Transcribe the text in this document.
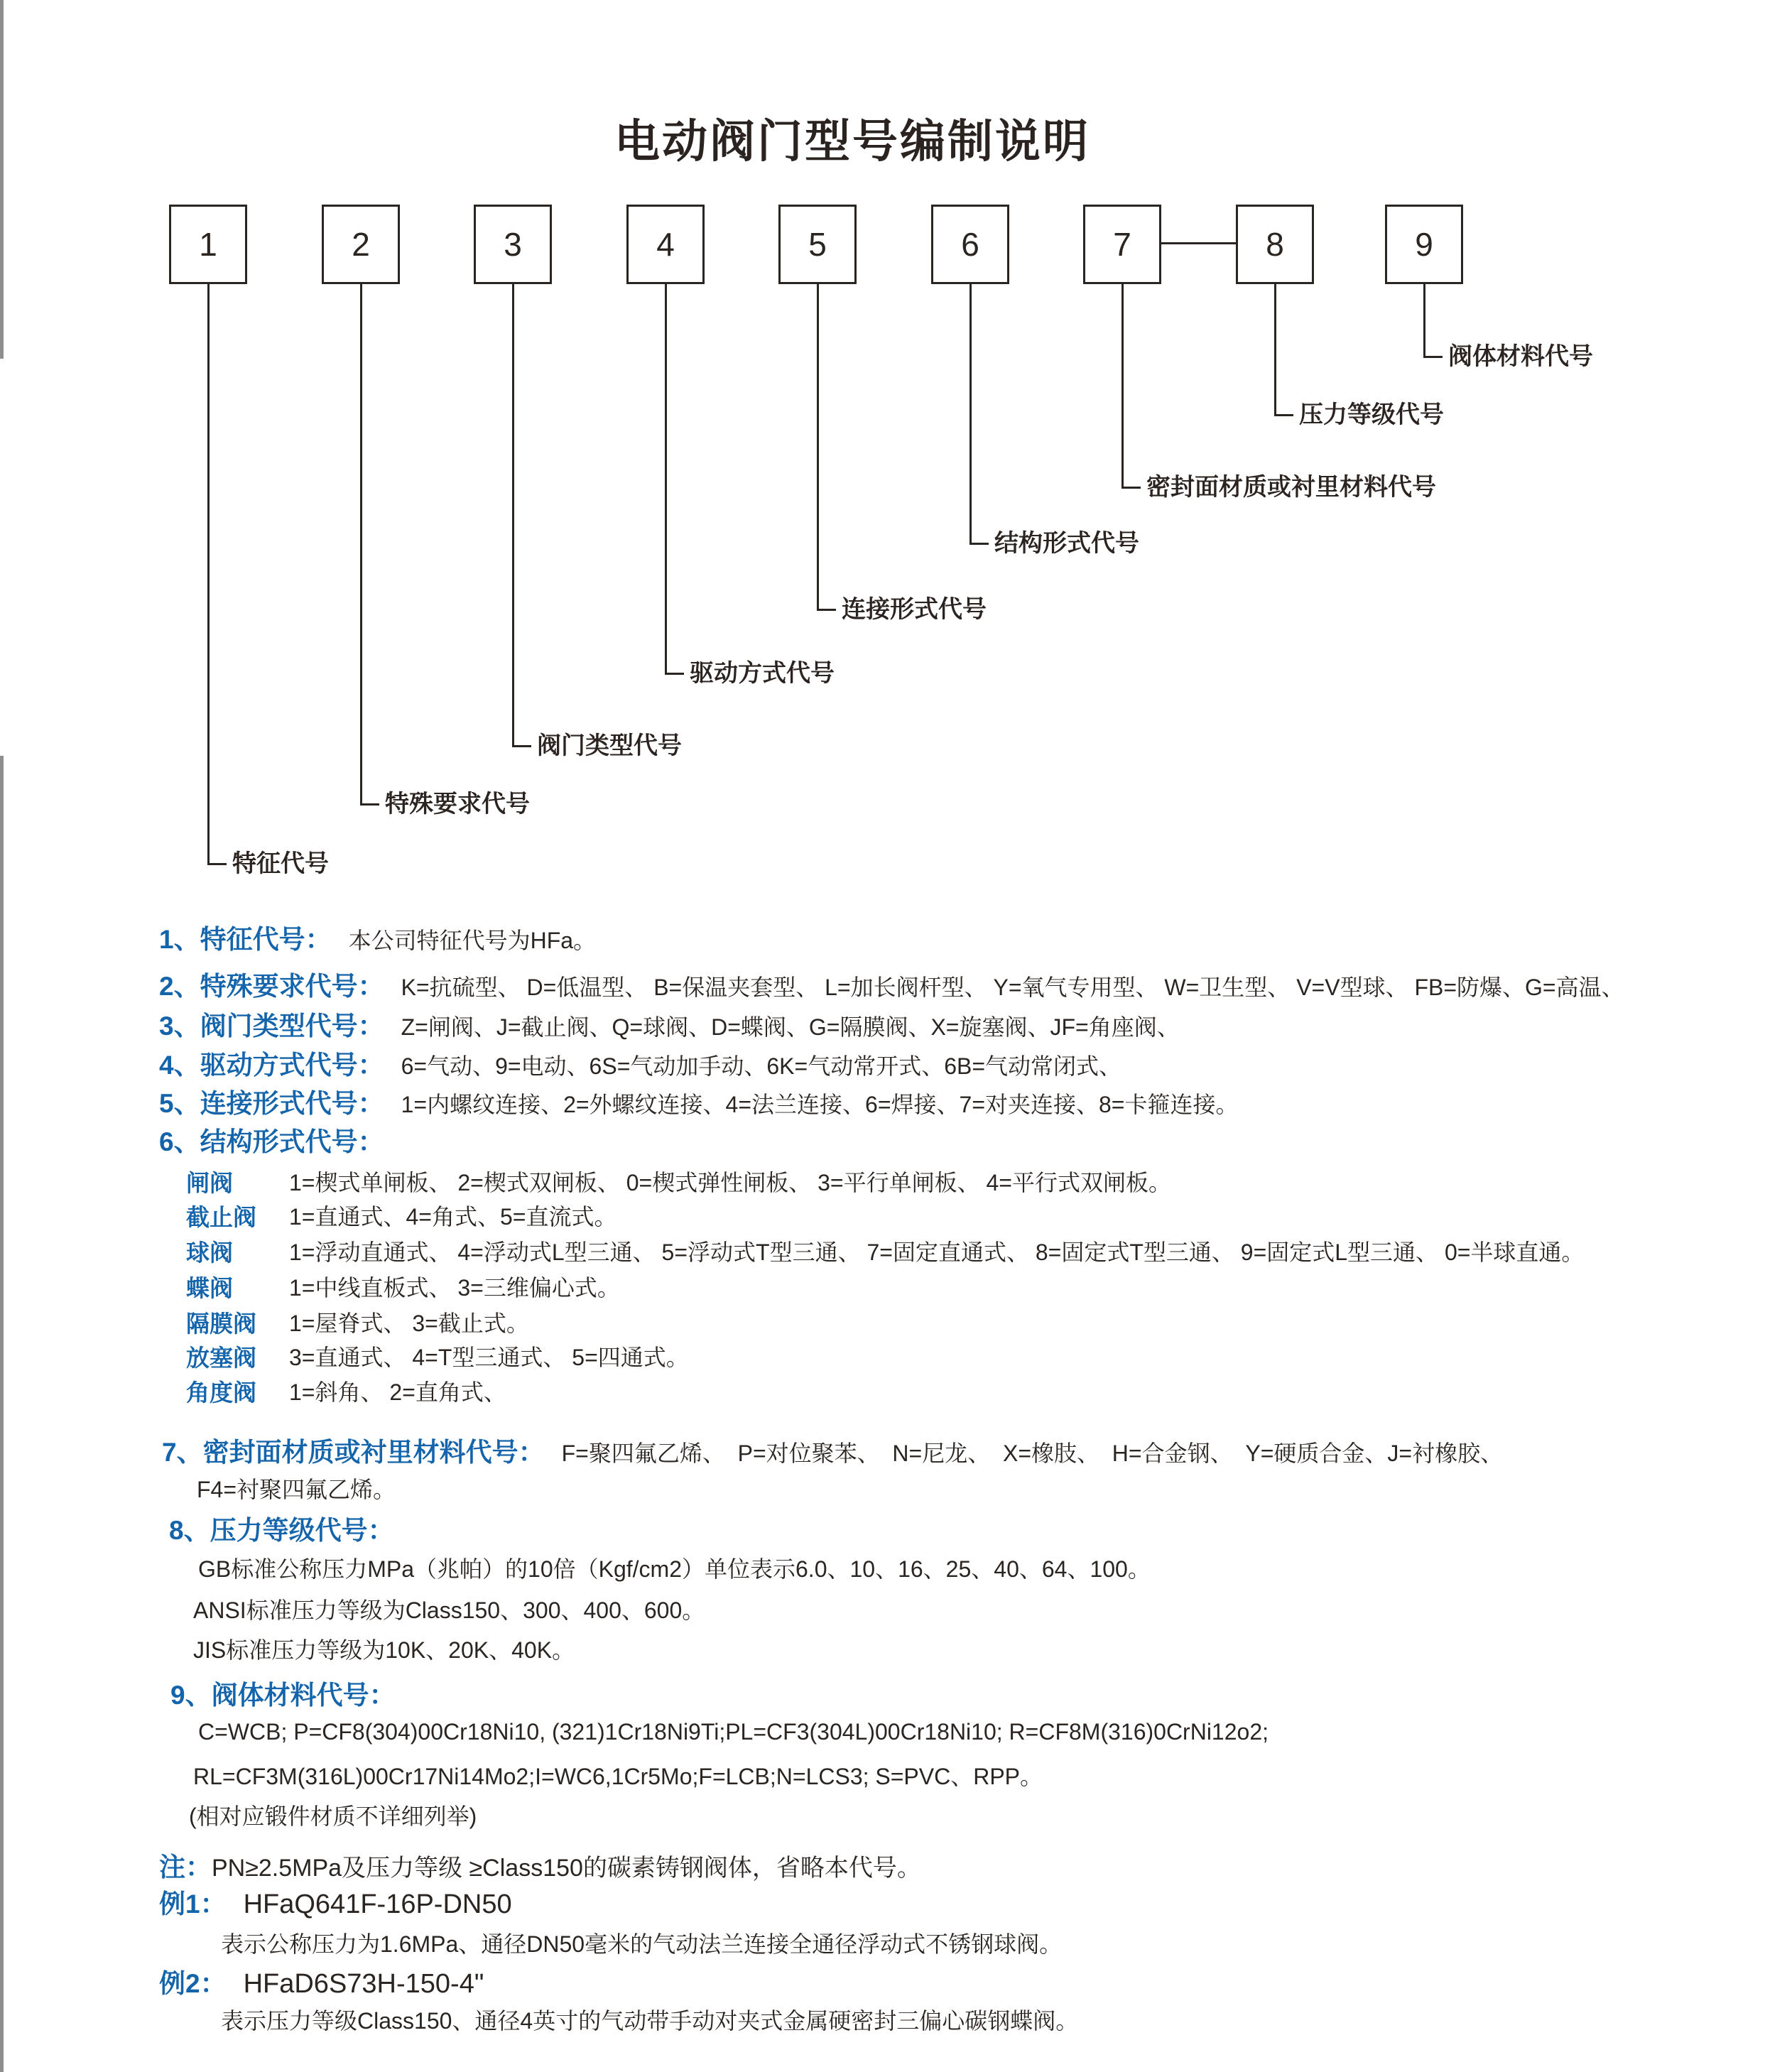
电动阀门型号编制说明
1	2	3	4	5	6	7	8	9
特征代号
特殊要求代号
阀门类型代号
驱动方式代号
连接形式代号
结构形式代号
密封面材质或衬里材料代号
压力等级代号
阀体材料代号
1、特征代号： 本公司特征代号为HFa。
2、特殊要求代号： K=抗硫型、 D=低温型、 B=保温夹套型、 L=加长阀杆型、 Y=氧气专用型、 W=卫生型、 V=V型球、 FB=防爆、G=高温、
3、阀门类型代号： Z=闸阀、J=截止阀、Q=球阀、D=蝶阀、G=隔膜阀、X=旋塞阀、JF=角座阀、
4、驱动方式代号： 6=气动、9=电动、6S=气动加手动、6K=气动常开式、6B=气动常闭式、
5、连接形式代号： 1=内螺纹连接、2=外螺纹连接、4=法兰连接、6=焊接、7=对夹连接、8=卡箍连接。
6、结构形式代号：
闸阀 1=楔式单闸板、 2=楔式双闸板、 0=楔式弹性闸板、 3=平行单闸板、 4=平行式双闸板。
截止阀 1=直通式、4=角式、5=直流式。
球阀 1=浮动直通式、 4=浮动式L型三通、 5=浮动式T型三通、 7=固定直通式、 8=固定式T型三通、 9=固定式L型三通、 0=半球直通。
蝶阀 1=中线直板式、 3=三维偏心式。
隔膜阀 1=屋脊式、 3=截止式。
放塞阀 3=直通式、 4=T型三通式、 5=四通式。
角度阀 1=斜角、 2=直角式、
7、密封面材质或衬里材料代号： F=聚四氟乙烯、  P=对位聚苯、  N=尼龙、  X=橡肢、  H=合金钢、  Y=硬质合金、J=衬橡胶、
F4=衬聚四氟乙烯。
8、压力等级代号：
GB标准公称压力MPa（兆帕）的10倍（Kgf/cm2）单位表示6.0、10、16、25、40、64、100。
ANSI标准压力等级为Class150、300、400、600。
JIS标准压力等级为10K、20K、40K。
9、阀体材料代号：
C=WCB; P=CF8(304)00Cr18Ni10, (321)1Cr18Ni9Ti;PL=CF3(304L)00Cr18Ni10; R=CF8M(316)0CrNi12o2;
RL=CF3M(316L)00Cr17Ni14Mo2;I=WC6,1Cr5Mo;F=LCB;N=LCS3; S=PVC、RPP。
(相对应锻件材质不详细列举)
注： PN≥2.5MPa及压力等级 ≥Class150的碳素铸钢阀体，省略本代号。
例1： HFaQ641F-16P-DN50
表示公称压力为1.6MPa、通径DN50毫米的气动法兰连接全通径浮动式不锈钢球阀。
例2： HFaD6S73H-150-4"
表示压力等级Class150、通径4英寸的气动带手动对夹式金属硬密封三偏心碳钢蝶阀。
